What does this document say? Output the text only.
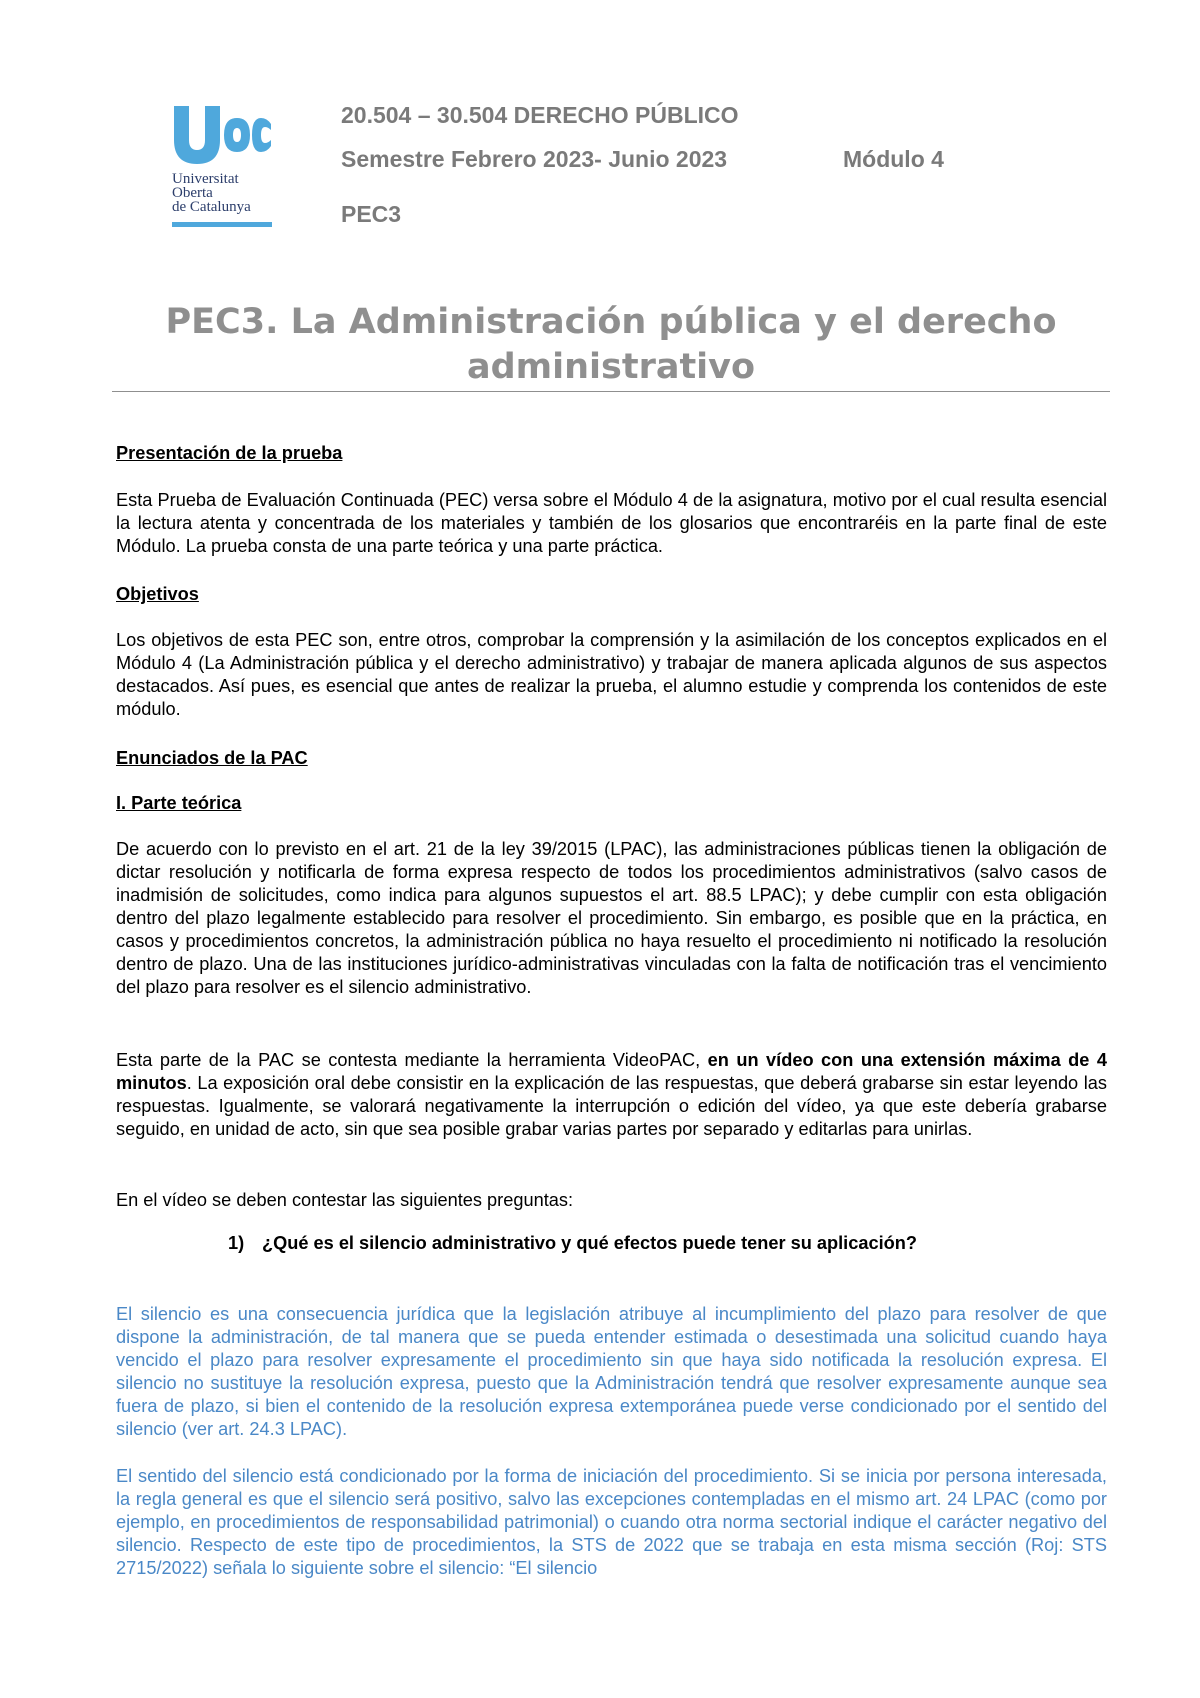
Universitat
Oberta
de Catalunya
20.504 – 30.504 DERECHO PÚBLICO
Semestre Febrero 2023- Junio 2023	Módulo 4
PEC3
PEC3. La Administración pública y el derecho
administrativo
Presentación de la prueba
Esta Prueba de Evaluación Continuada (PEC) versa sobre el Módulo 4 de la asignatura, motivo por el cual resulta esencial la lectura atenta y concentrada de los materiales y también de los glosarios que encontraréis en la parte final de este Módulo. La prueba consta de una parte teórica y una parte práctica.
Objetivos
Los objetivos de esta PEC son, entre otros, comprobar la comprensión y la asimilación de los conceptos explicados en el Módulo 4 (La Administración pública y el derecho administrativo) y trabajar de manera aplicada algunos de sus aspectos destacados. Así pues, es esencial que antes de realizar la prueba, el alumno estudie y comprenda los contenidos de este módulo.
Enunciados de la PAC
I. Parte teórica
De acuerdo con lo previsto en el art. 21 de la ley 39/2015 (LPAC), las administraciones públicas tienen la obligación de dictar resolución y notificarla de forma expresa respecto de todos los procedimientos administrativos (salvo casos de inadmisión de solicitudes, como indica para algunos supuestos el art. 88.5 LPAC); y debe cumplir con esta obligación dentro del plazo legalmente establecido para resolver el procedimiento. Sin embargo, es posible que en la práctica, en casos y procedimientos concretos, la administración pública no haya resuelto el procedimiento ni notificado la resolución dentro de plazo. Una de las instituciones jurídico-administrativas vinculadas con la falta de notificación tras el vencimiento del plazo para resolver es el silencio administrativo.
Esta parte de la PAC se contesta mediante la herramienta VideoPAC, en un vídeo con una extensión máxima de 4 minutos. La exposición oral debe consistir en la explicación de las respuestas, que deberá grabarse sin estar leyendo las respuestas. Igualmente, se valorará negativamente la interrupción o edición del vídeo, ya que este debería grabarse seguido, en unidad de acto, sin que sea posible grabar varias partes por separado y editarlas para unirlas.
En el vídeo se deben contestar las siguientes preguntas:
1) ¿Qué es el silencio administrativo y qué efectos puede tener su aplicación?
El silencio es una consecuencia jurídica que la legislación atribuye al incumplimiento del plazo para resolver de que dispone la administración, de tal manera que se pueda entender estimada o desestimada una solicitud cuando haya vencido el plazo para resolver expresamente el procedimiento sin que haya sido notificada la resolución expresa. El silencio no sustituye la resolución expresa, puesto que la Administración tendrá que resolver expresamente aunque sea fuera de plazo, si bien el contenido de la resolución expresa extemporánea puede verse condicionado por el sentido del silencio (ver art. 24.3 LPAC).
El sentido del silencio está condicionado por la forma de iniciación del procedimiento. Si se inicia por persona interesada, la regla general es que el silencio será positivo, salvo las excepciones contempladas en el mismo art. 24 LPAC (como por ejemplo, en procedimientos de responsabilidad patrimonial) o cuando otra norma sectorial indique el carácter negativo del silencio. Respecto de este tipo de procedimientos, la STS de 2022 que se trabaja en esta misma sección (Roj: STS 2715/2022) señala lo siguiente sobre el silencio: “El silencio
